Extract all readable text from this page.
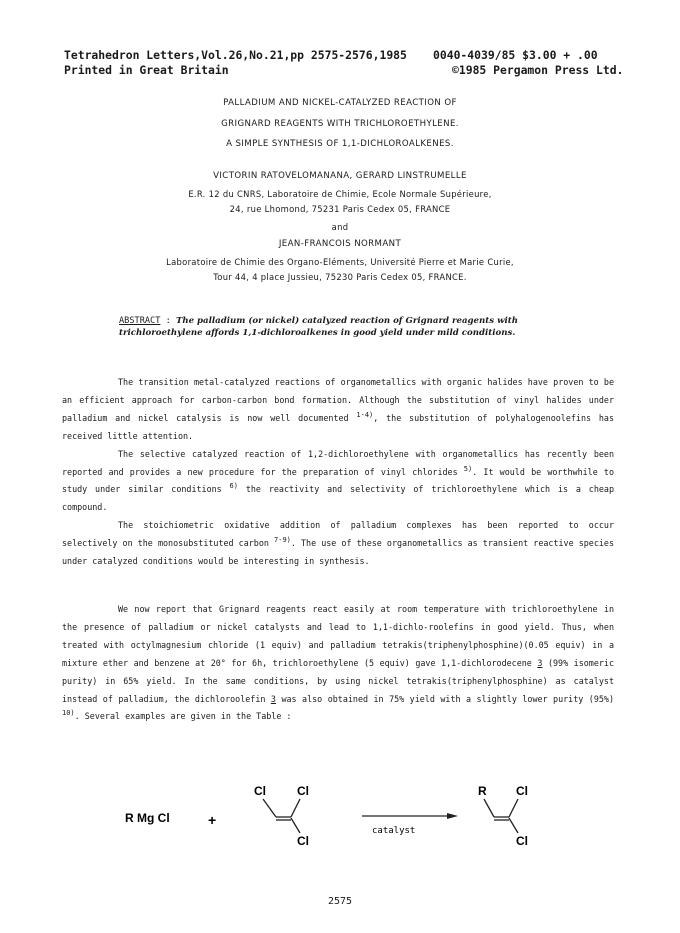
Tetrahedron Letters,Vol.26,No.21,pp 2575-2576,1985
Printed in Great Britain
0040-4039/85 $3.00 + .00
©1985 Pergamon Press Ltd.
PALLADIUM AND NICKEL-CATALYZED REACTION OF
GRIGNARD REAGENTS WITH TRICHLOROETHYLENE.
A SIMPLE SYNTHESIS OF 1,1-DICHLOROALKENES.
VICTORIN RATOVELOMANANA, GERARD LINSTRUMELLE
E.R. 12 du CNRS, Laboratoire de Chimie, Ecole Normale Supérieure,
24, rue Lhomond, 75231 Paris Cedex 05, FRANCE
and
JEAN-FRANCOIS NORMANT
Laboratoire de Chimie des Organo-Eléments, Université Pierre et Marie Curie,
Tour 44, 4 place Jussieu, 75230 Paris Cedex 05, FRANCE.
ABSTRACT : The palladium (or nickel) catalyzed reaction of Grignard reagents with trichloroethylene affords 1,1-dichloroalkenes in good yield under mild conditions.

The transition metal-catalyzed reactions of organometallics with organic halides have proven to be an efficient approach for carbon-carbon bond formation. Although the substitution of vinyl halides under palladium and nickel catalysis is now well documented $^{1-4)}$, the substitution of polyhalogenoolefins has received little attention.

The selective catalyzed reaction of 1,2-dichloroethylene with organometallics has recently been reported and provides a new procedure for the preparation of vinyl chlorides $^{5)}$. It would be worthwhile to study under similar conditions $^{6)}$ the reactivity and selectivity of trichloroethylene which is a cheap compound.

The stoichiometric oxidative addition of palladium complexes has been reported to occur selectively on the monosubstituted carbon $^{7-9)}$. The use of these organometallics as transient reactive species under catalyzed conditions would be interesting in synthesis.

We now report that Grignard reagents react easily at room temperature with trichloroethylene in the presence of palladium or nickel catalysts and lead to 1,1-dichlo-roolefins in good yield. Thus, when treated with octylmagnesium chloride (1 equiv) and palladium tetrakis(triphenylphosphine)(0.05 equiv) in a mixture ether and benzene at 20° for 6h, trichloroethylene (5 equiv) gave 1,1-dichlorodecene 3 (99% isomeric purity) in 65% yield. In the same conditions, by using nickel tetrakis(triphenylphosphine) as catalyst instead of palladium, the dichloroolefin 3 was also obtained in 75% yield with a slightly lower purity (95%) $^{10)}$. Several examples are given in the Table :

R Mg Cl	+
Cl	Cl
Cl
catalyst
R Cl
Cl
2575
